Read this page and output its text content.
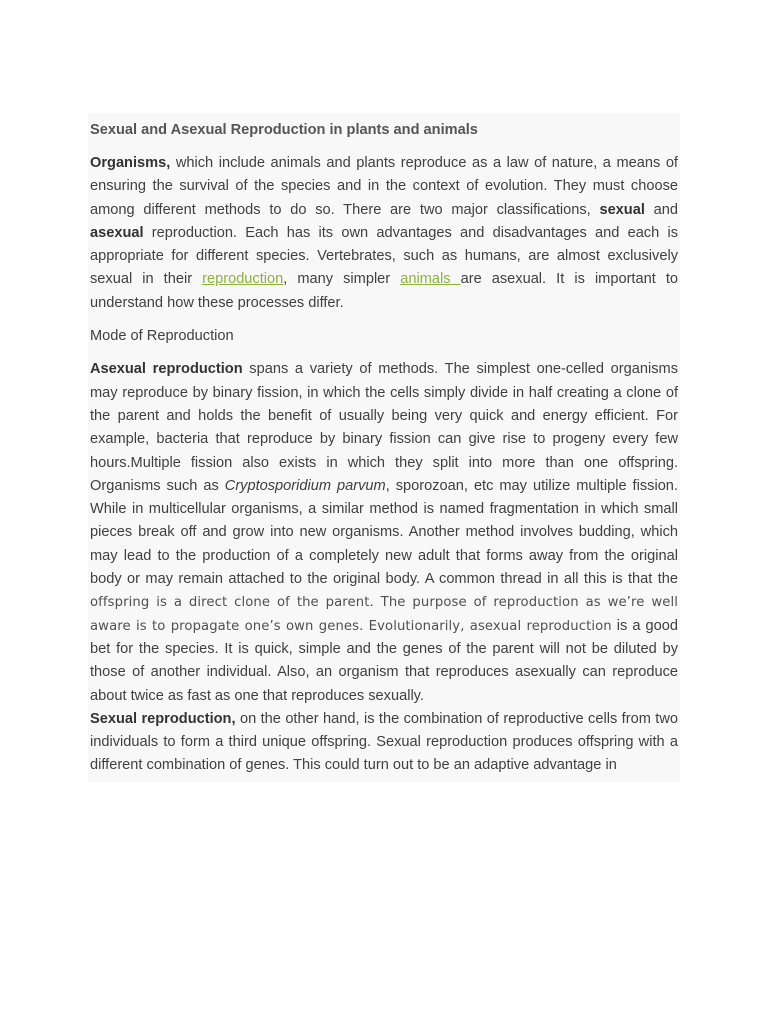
Sexual and Asexual Reproduction in plants and animals

Organisms, which include animals and plants reproduce as a law of nature, a means of ensuring the survival of the species and in the context of evolution. They must choose among different methods to do so. There are two major classifications, sexual and asexual reproduction. Each has its own advantages and disadvantages and each is appropriate for different species. Vertebrates, such as humans, are almost exclusively sexual in their reproduction, many simpler animals are asexual. It is important to understand how these processes differ.

Mode of Reproduction

Asexual reproduction spans a variety of methods. The simplest one-celled organisms may reproduce by binary fission, in which the cells simply divide in half creating a clone of the parent and holds the benefit of usually being very quick and energy efficient. For example, bacteria that reproduce by binary fission can give rise to progeny every few hours.Multiple fission also exists in which they split into more than one offspring. Organisms such as Cryptosporidium parvum, sporozoan, etc may utilize multiple fission. While in multicellular organisms, a similar method is named fragmentation in which small pieces break off and grow into new organisms. Another method involves budding, which may lead to the production of a completely new adult that forms away from the original body or may remain attached to the original body. A common thread in all this is that the offspring is a direct clone of the parent. The purpose of reproduction as we’re well aware is to propagate one’s own genes. Evolutionarily, asexual reproduction is a good bet for the species. It is quick, simple and the genes of the parent will not be diluted by those of another individual. Also, an organism that reproduces asexually can reproduce about twice as fast as one that reproduces sexually.

Sexual reproduction, on the other hand, is the combination of reproductive cells from two individuals to form a third unique offspring. Sexual reproduction produces offspring with a different combination of genes. This could turn out to be an adaptive advantage in
